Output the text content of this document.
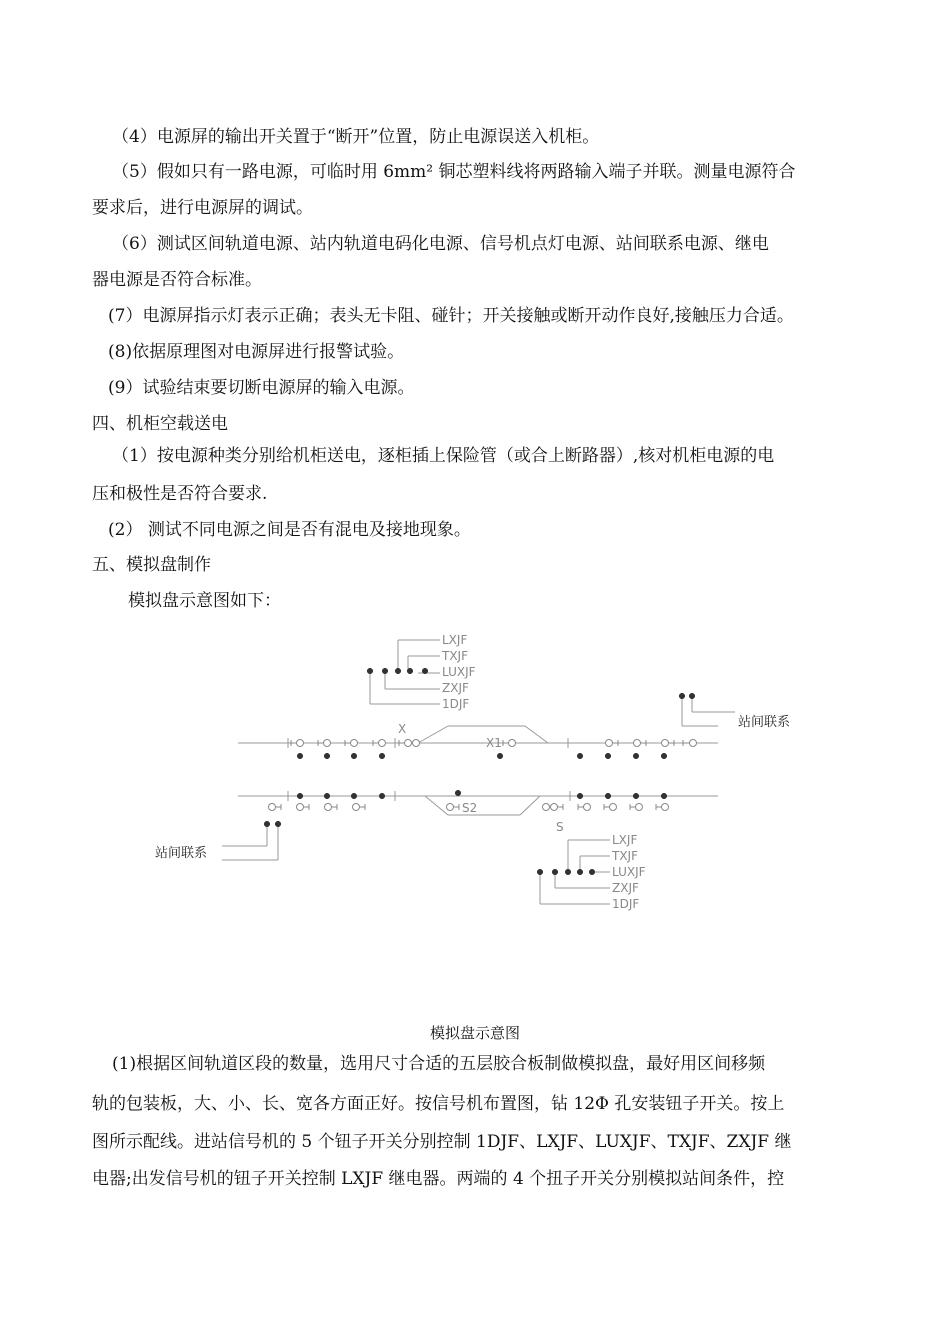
（4）电源屏的输出开关置于“断开”位置，防止电源误送入机柜。
（5）假如只有一路电源，可临时用 6mm² 铜芯塑料线将两路输入端子并联。测量电源符合
要求后，进行电源屏的调试。
（6）测试区间轨道电源、站内轨道电码化电源、信号机点灯电源、站间联系电源、继电
器电源是否符合标准。
(7）电源屏指示灯表示正确；表头无卡阻、碰针；开关接触或断开动作良好,接触压力合适。
(8)依据原理图对电源屏进行报警试验。
(9）试验结束要切断电源屏的输入电源。
四、机柜空载送电
（1）按电源种类分别给机柜送电，逐柜插上保险管（或合上断路器）,核对机柜电源的电
压和极性是否符合要求.
(2） 测试不同电源之间是否有混电及接地现象。
五、模拟盘制作
模拟盘示意图如下：
LXJF
TXJF
LUXJF
ZXJF
1DJF
X
X1
S2
S
LXJF
TXJF
LUXJF
ZXJF
1DJF
站间联系
站间联系
模拟盘示意图
(1)根据区间轨道区段的数量，选用尺寸合适的五层胶合板制做模拟盘，最好用区间移频
轨的包装板，大、小、长、宽各方面正好。按信号机布置图，钻 12Φ 孔安装钮子开关。按上
图所示配线。进站信号机的 5 个钮子开关分别控制 1DJF、LXJF、LUXJF、TXJF、ZXJF 继
电器;出发信号机的钮子开关控制 LXJF 继电器。两端的 4 个扭子开关分别模拟站间条件，控
